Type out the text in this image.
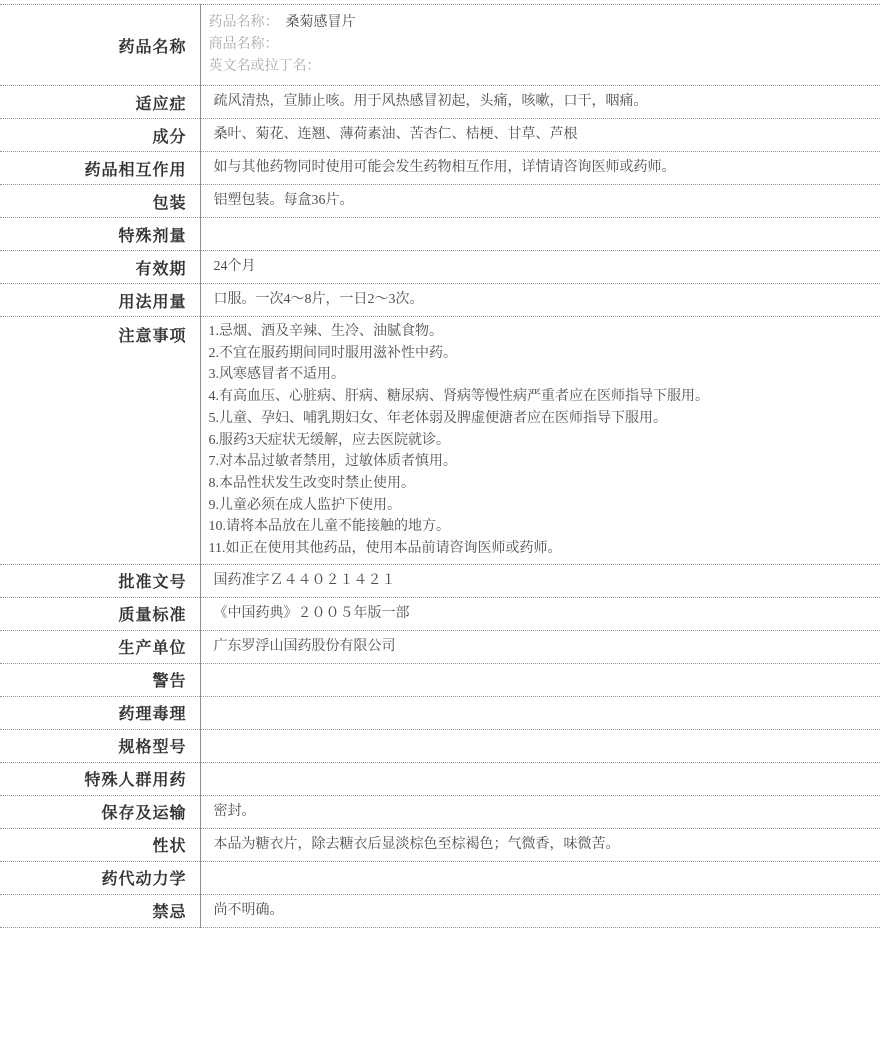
药品名称	药品名称： 桑菊感冒片
商品名称：
英文名或拉丁名：

适应症	疏风清热，宣肺止咳。用于风热感冒初起，头痛，咳嗽，口干，咽痛。
成分	桑叶、菊花、连翘、薄荷素油、苦杏仁、桔梗、甘草、芦根
药品相互作用	如与其他药物同时使用可能会发生药物相互作用，详情请咨询医师或药师。
包装	铝塑包装。每盒36片。
特殊剂量	
有效期	24个月
用法用量	口服。一次4～8片，一日2～3次。
注意事项	1.忌烟、酒及辛辣、生冷、油腻食物。
2.不宜在服药期间同时服用滋补性中药。
3.风寒感冒者不适用。
4.有高血压、心脏病、肝病、糖尿病、肾病等慢性病严重者应在医师指导下服用。
5.儿童、孕妇、哺乳期妇女、年老体弱及脾虚便溏者应在医师指导下服用。
6.服药3天症状无缓解，应去医院就诊。
7.对本品过敏者禁用，过敏体质者慎用。
8.本品性状发生改变时禁止使用。
9.儿童必须在成人监护下使用。
10.请将本品放在儿童不能接触的地方。
11.如正在使用其他药品，使用本品前请咨询医师或药师。

批准文号	国药准字Ｚ４４０２１４２１
质量标准	《中国药典》２００５年版一部
生产单位	广东罗浮山国药股份有限公司
警告	
药理毒理	
规格型号	
特殊人群用药	
保存及运输	密封。
性状	本品为糖衣片，除去糖衣后显淡棕色至棕褐色；气微香，味微苦。
药代动力学	
禁忌	尚不明确。
